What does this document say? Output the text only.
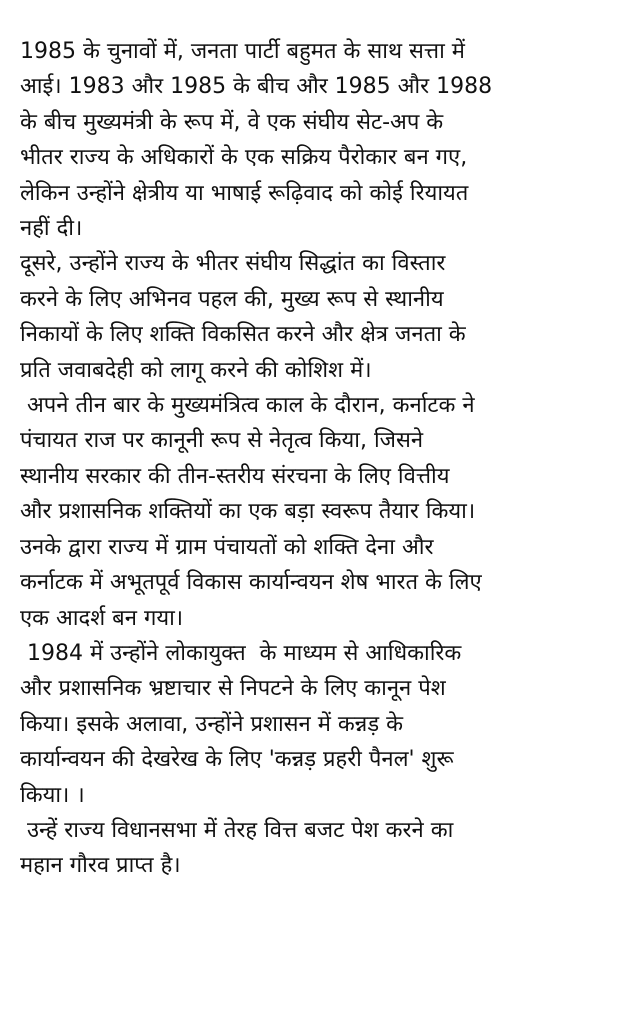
1985 के चुनावों में, जनता पार्टी बहुमत के साथ सत्ता में
आई। 1983 और 1985 के बीच और 1985 और 1988
के बीच मुख्यमंत्री के रूप में, वे एक संघीय सेट-अप के
भीतर राज्य के अधिकारों के एक सक्रिय पैरोकार बन गए,
लेकिन उन्होंने क्षेत्रीय या भाषाई रूढ़िवाद को कोई रियायत
नहीं दी।
दूसरे, उन्होंने राज्य के भीतर संघीय सिद्धांत का विस्तार
करने के लिए अभिनव पहल की, मुख्य रूप से स्थानीय
निकायों के लिए शक्ति विकसित करने और क्षेत्र जनता के
प्रति जवाबदेही को लागू करने की कोशिश में।
अपने तीन बार के मुख्यमंत्रित्व काल के दौरान, कर्नाटक ने
पंचायत राज पर कानूनी रूप से नेतृत्व किया, जिसने
स्थानीय सरकार की तीन-स्तरीय संरचना के लिए वित्तीय
और प्रशासनिक शक्तियों का एक बड़ा स्वरूप तैयार किया।
उनके द्वारा राज्य में ग्राम पंचायतों को शक्ति देना और
कर्नाटक में अभूतपूर्व विकास कार्यान्वयन शेष भारत के लिए
एक आदर्श बन गया।
1984 में उन्होंने लोकायुक्त  के माध्यम से आधिकारिक
और प्रशासनिक भ्रष्टाचार से निपटने के लिए कानून पेश
किया। इसके अलावा, उन्होंने प्रशासन में कन्नड़ के
कार्यान्वयन की देखरेख के लिए 'कन्नड़ प्रहरी पैनल' शुरू
किया। ।
उन्हें राज्य विधानसभा में तेरह वित्त बजट पेश करने का
महान गौरव प्राप्त है।
